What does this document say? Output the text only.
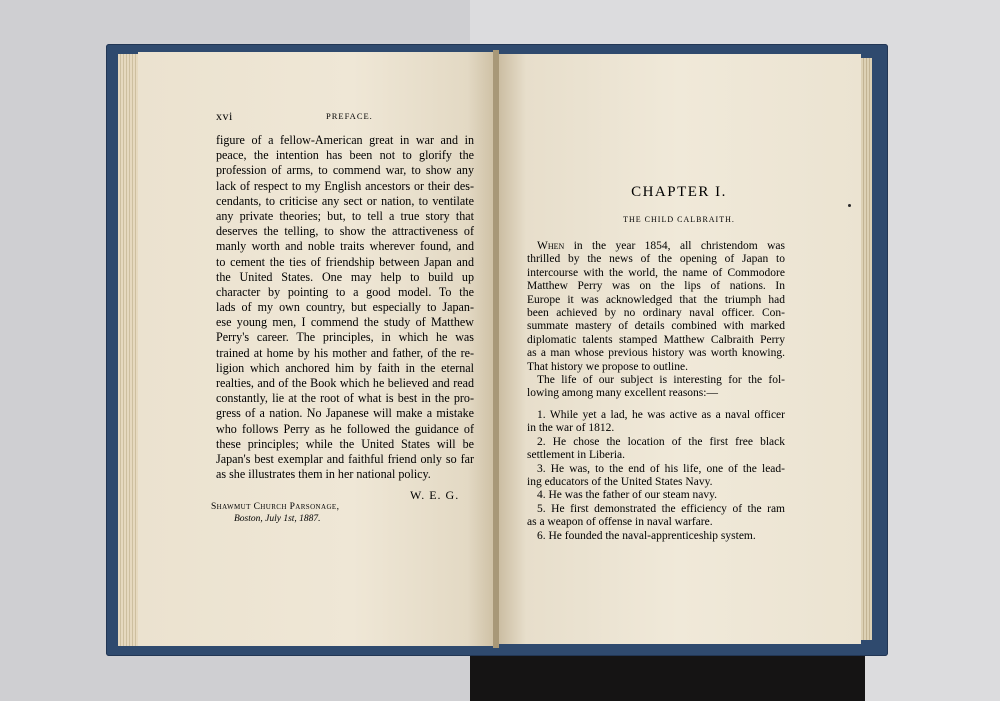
xvi	PREFACE.
figure of a fellow-American great in war and in
peace, the intention has been not to glorify the
profession of arms, to commend war, to show any
lack of respect to my English ancestors or their des-
cendants, to criticise any sect or nation, to ventilate
any private theories; but, to tell a true story that
deserves the telling, to show the attractiveness of
manly worth and noble traits wherever found, and
to cement the ties of friendship between Japan and
the United States. One may help to build up
character by pointing to a good model. To the
lads of my own country, but especially to Japan-
ese young men, I commend the study of Matthew
Perry's career. The principles, in which he was
trained at home by his mother and father, of the re-
ligion which anchored him by faith in the eternal
realties, and of the Book which he believed and read
constantly, lie at the root of what is best in the pro-
gress of a nation. No Japanese will make a mistake
who follows Perry as he followed the guidance of
these principles; while the United States will be
Japan's best exemplar and faithful friend only so far
as she illustrates them in her national policy.
W. E. G.
Shawmut Church Parsonage,
Boston, July 1st, 1887.
CHAPTER I.
THE CHILD CALBRAITH.
When in the year 1854, all christendom was
thrilled by the news of the opening of Japan to
intercourse with the world, the name of Commodore
Matthew Perry was on the lips of nations. In
Europe it was acknowledged that the triumph had
been achieved by no ordinary naval officer. Con-
summate mastery of details combined with marked
diplomatic talents stamped Matthew Calbraith Perry
as a man whose previous history was worth knowing.
That history we propose to outline.
The life of our subject is interesting for the fol-
lowing among many excellent reasons:—
1. While yet a lad, he was active as a naval officer
in the war of 1812.
2. He chose the location of the first free black
settlement in Liberia.
3. He was, to the end of his life, one of the lead-
ing educators of the United States Navy.
4. He was the father of our steam navy.
5. He first demonstrated the efficiency of the ram
as a weapon of offense in naval warfare.
6. He founded the naval-apprenticeship system.
